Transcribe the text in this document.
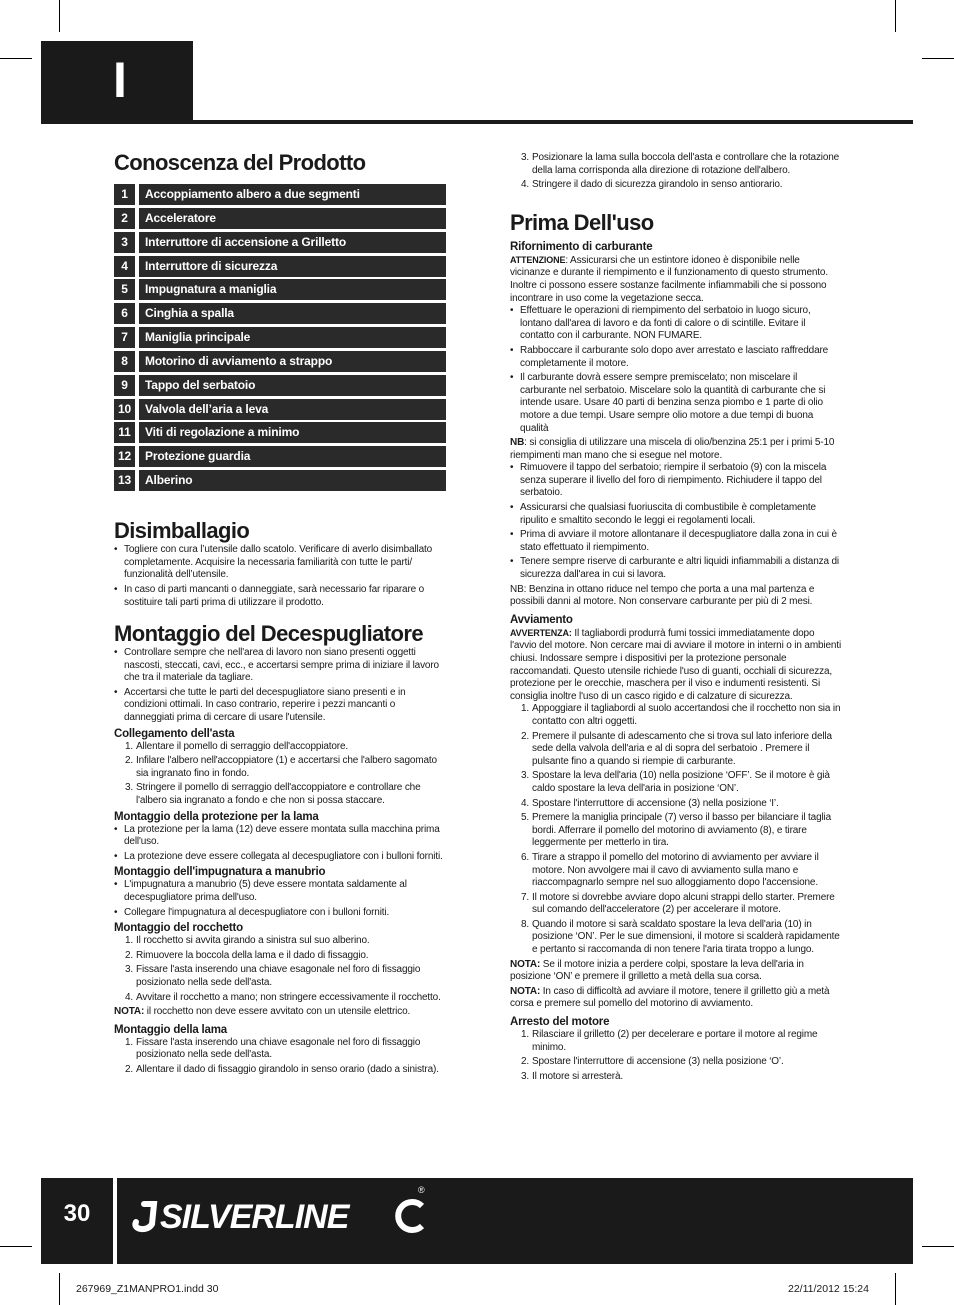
I
Conoscenza del Prodotto
1	Accoppiamento albero a due segmenti
2	Acceleratore
3	Interruttore di accensione a Grilletto
4	Interruttore di sicurezza
5	Impugnatura a maniglia
6	Cinghia a spalla
7	Maniglia principale
8	Motorino di avviamento a strappo
9	Tappo del serbatoio
10	Valvola dell’aria a leva
11	Viti di regolazione a minimo
12	Protezione guardia
13	Alberino
Disimballagio
• Togliere con cura l’utensile dallo scatolo. Verificare di averlo disimballato completamente. Acquisire la necessaria familiarità con tutte le parti/ funzionalità dell’utensile.
• In caso di parti mancanti o danneggiate, sarà necessario far riparare o sostituire tali parti prima di utilizzare il prodotto.
Montaggio del Decespugliatore
• Controllare sempre che nell'area di lavoro non siano presenti oggetti nascosti, steccati, cavi, ecc., e accertarsi sempre prima di iniziare il lavoro che tra il materiale da tagliare.
• Accertarsi che tutte le parti del decespugliatore siano presenti e in condizioni ottimali. In caso contrario, reperire i pezzi mancanti o danneggiati prima di cercare di usare l'utensile.
Collegamento dell'asta
1. Allentare il pomello di serraggio dell'accoppiatore.
2. Infilare l'albero nell'accoppiatore (1) e accertarsi che l'albero sagomato sia ingranato fino in fondo.
3. Stringere il pomello di serraggio dell'accoppiatore e controllare che l'albero sia ingranato a fondo e che non si possa staccare.
Montaggio della protezione per la lama
• La protezione per la lama (12) deve essere montata sulla macchina prima dell'uso.
• La protezione deve essere collegata al decespugliatore con i bulloni forniti.
Montaggio dell'impugnatura a manubrio
• L'impugnatura a manubrio (5) deve essere montata saldamente al decespugliatore prima dell'uso.
• Collegare l'impugnatura al decespugliatore con i bulloni forniti.
Montaggio del rocchetto
1. Il rocchetto si avvita girando a sinistra sul suo alberino.
2. Rimuovere la boccola della lama e il dado di fissaggio.
3. Fissare l'asta inserendo una chiave esagonale nel foro di fissaggio posizionato nella sede dell'asta.
4. Avvitare il rocchetto a mano; non stringere eccessivamente il rocchetto.

NOTA: il rocchetto non deve essere avvitato con un utensile elettrico.

Montaggio della lama
1. Fissare l'asta inserendo una chiave esagonale nel foro di fissaggio posizionato nella sede dell'asta.
2. Allentare il dado di fissaggio girandolo in senso orario (dado a sinistra).
3. Posizionare la lama sulla boccola dell'asta e controllare che la rotazione della lama corrisponda alla direzione di rotazione dell'albero.
4. Stringere il dado di sicurezza girandolo in senso antiorario.
Prima Dell'uso
Rifornimento di carburante

ATTENZIONE: Assicurarsi che un estintore idoneo è disponibile nelle vicinanze e durante il riempimento e il funzionamento di questo strumento. Inoltre ci possono essere sostanze facilmente infiammabili che si possono incontrare in uso come la vegetazione secca.

• Effettuare le operazioni di riempimento del serbatoio in luogo sicuro, lontano dall'area di lavoro e da fonti di calore o di scintille. Evitare il contatto con il carburante. NON FUMARE.
• Rabboccare il carburante solo dopo aver arrestato e lasciato raffreddare completamente il motore.
• Il carburante dovrà essere sempre premiscelato; non miscelare il carburante nel serbatoio. Miscelare solo la quantità di carburante che si intende usare. Usare 40 parti di benzina senza piombo e 1 parte di olio motore a due tempi. Usare sempre olio motore a due tempi di buona qualità

NB: si consiglia di utilizzare una miscela di olio/benzina 25:1 per i primi 5-10 riempimenti man mano che si esegue nel motore.

• Rimuovere il tappo del serbatoio; riempire il serbatoio (9) con la miscela senza superare il livello del foro di riempimento. Richiudere il tappo del serbatoio.
• Assicurarsi che qualsiasi fuoriuscita di combustibile è completamente ripulito e smaltito secondo le leggi ei regolamenti locali.
• Prima di avviare il motore allontanare il decespugliatore dalla zona in cui è stato effettuato il riempimento.
• Tenere sempre riserve di carburante e altri liquidi infiammabili a distanza di sicurezza dall'area in cui si lavora.

NB: Benzina in ottano riduce nel tempo che porta a una mal partenza e possibili danni al motore. Non conservare carburante per più di 2 mesi.

Avviamento

AVVERTENZA: Il tagliabordi produrrà fumi tossici immediatamente dopo l'avvio del motore. Non cercare mai di avviare il motore in interni o in ambienti chiusi. Indossare sempre i dispositivi per la protezione personale raccomandati. Questo utensile richiede l'uso di guanti, occhiali di sicurezza, protezione per le orecchie, maschera per il viso e indumenti resistenti. Si consiglia inoltre l'uso di un casco rigido e di calzature di sicurezza.

1. Appoggiare il tagliabordi al suolo accertandosi che il rocchetto non sia in contatto con altri oggetti.
2. Premere il pulsante di adescamento che si trova sul lato inferiore della sede della valvola dell'aria e al di sopra del serbatoio . Premere il pulsante fino a quando si riempie di carburante.
3. Spostare la leva dell'aria (10) nella posizione ‘OFF’. Se il motore è già caldo spostare la leva dell'aria in posizione ‘ON’.
4. Spostare l'interruttore di accensione (3) nella posizione ‘I’.
5. Premere la maniglia principale (7) verso il basso per bilanciare il taglia bordi. Afferrare il pomello del motorino di avviamento (8), e tirare leggermente per metterlo in tira.
6. Tirare a strappo il pomello del motorino di avviamento per avviare il motore. Non avvolgere mai il cavo di avviamento sulla mano e riaccompagnarlo sempre nel suo alloggiamento dopo l'accensione.
7. Il motore si dovrebbe avviare dopo alcuni strappi dello starter. Premere sul comando dell'acceleratore (2) per accelerare il motore.
8. Quando il motore si sarà scaldato spostare la leva dell'aria (10) in posizione ‘ON’. Per le sue dimensioni, il motore si scalderà rapidamente e pertanto si raccomanda di non tenere l'aria tirata troppo a lungo.

NOTA: Se il motore inizia a perdere colpi, spostare la leva dell'aria in posizione ‘ON’ e premere il grilletto a metà della sua corsa.

NOTA: In caso di difficoltà ad avviare il motore, tenere il grilletto giù a metà corsa e premere sul pomello del motorino di avviamento.

Arresto del motore
1. Rilasciare il grilletto (2) per decelerare e portare il motore al regime minimo.
2. Spostare l'interruttore di accensione (3) nella posizione ‘O’.
3. Il motore si arresterà.
30	SILVERLINE
®
267969_Z1MANPRO1.indd 30	22/11/2012 15:24
